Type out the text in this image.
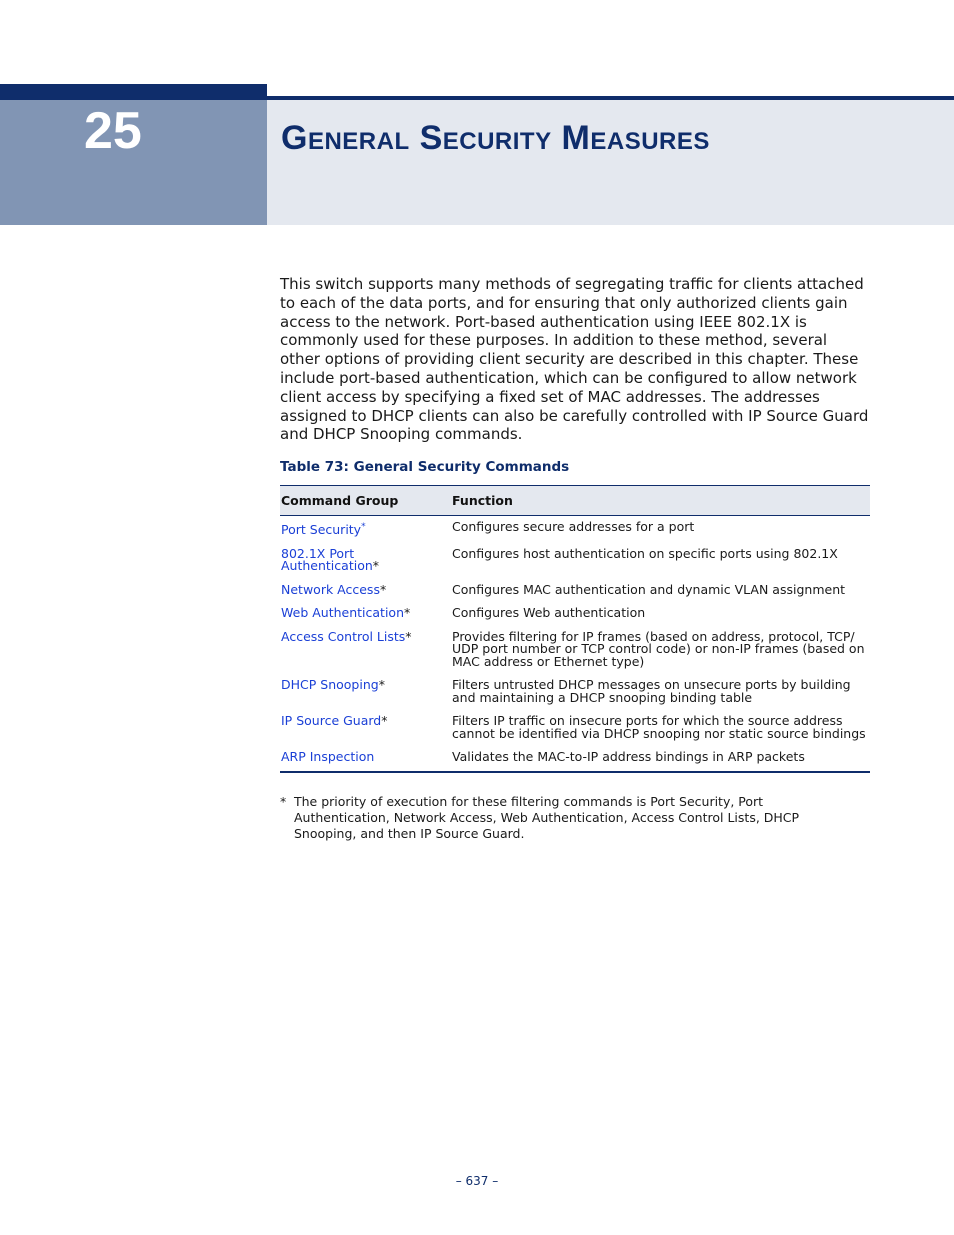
25	General Security Measures

This switch supports many methods of segregating traffic for clients attached to each of the data ports, and for ensuring that only authorized clients gain access to the network. Port-based authentication using IEEE 802.1X is commonly used for these purposes. In addition to these method, several other options of providing client security are described in this chapter. These include port-based authentication, which can be configured to allow network client access by specifying a fixed set of MAC addresses. The addresses assigned to DHCP clients can also be carefully controlled with IP Source Guard and DHCP Snooping commands.

Table 73: General Security Commands

Command Group	Function
Port Security*	Configures secure addresses for a port
802.1X Port Authentication*	Configures host authentication on specific ports using 802.1X
Network Access*	Configures MAC authentication and dynamic VLAN assignment
Web Authentication*	Configures Web authentication
Access Control Lists*	Provides filtering for IP frames (based on address, protocol, TCP/ UDP port number or TCP control code) or non-IP frames (based on MAC address or Ethernet type)
DHCP Snooping*	Filters untrusted DHCP messages on unsecure ports by building and maintaining a DHCP snooping binding table
IP Source Guard*	Filters IP traffic on insecure ports for which the source address cannot be identified via DHCP snooping nor static source bindings
ARP Inspection	Validates the MAC-to-IP address bindings in ARP packets
* The priority of execution for these filtering commands is Port Security, Port Authentication, Network Access, Web Authentication, Access Control Lists, DHCP Snooping, and then IP Source Guard.
– 637 –
